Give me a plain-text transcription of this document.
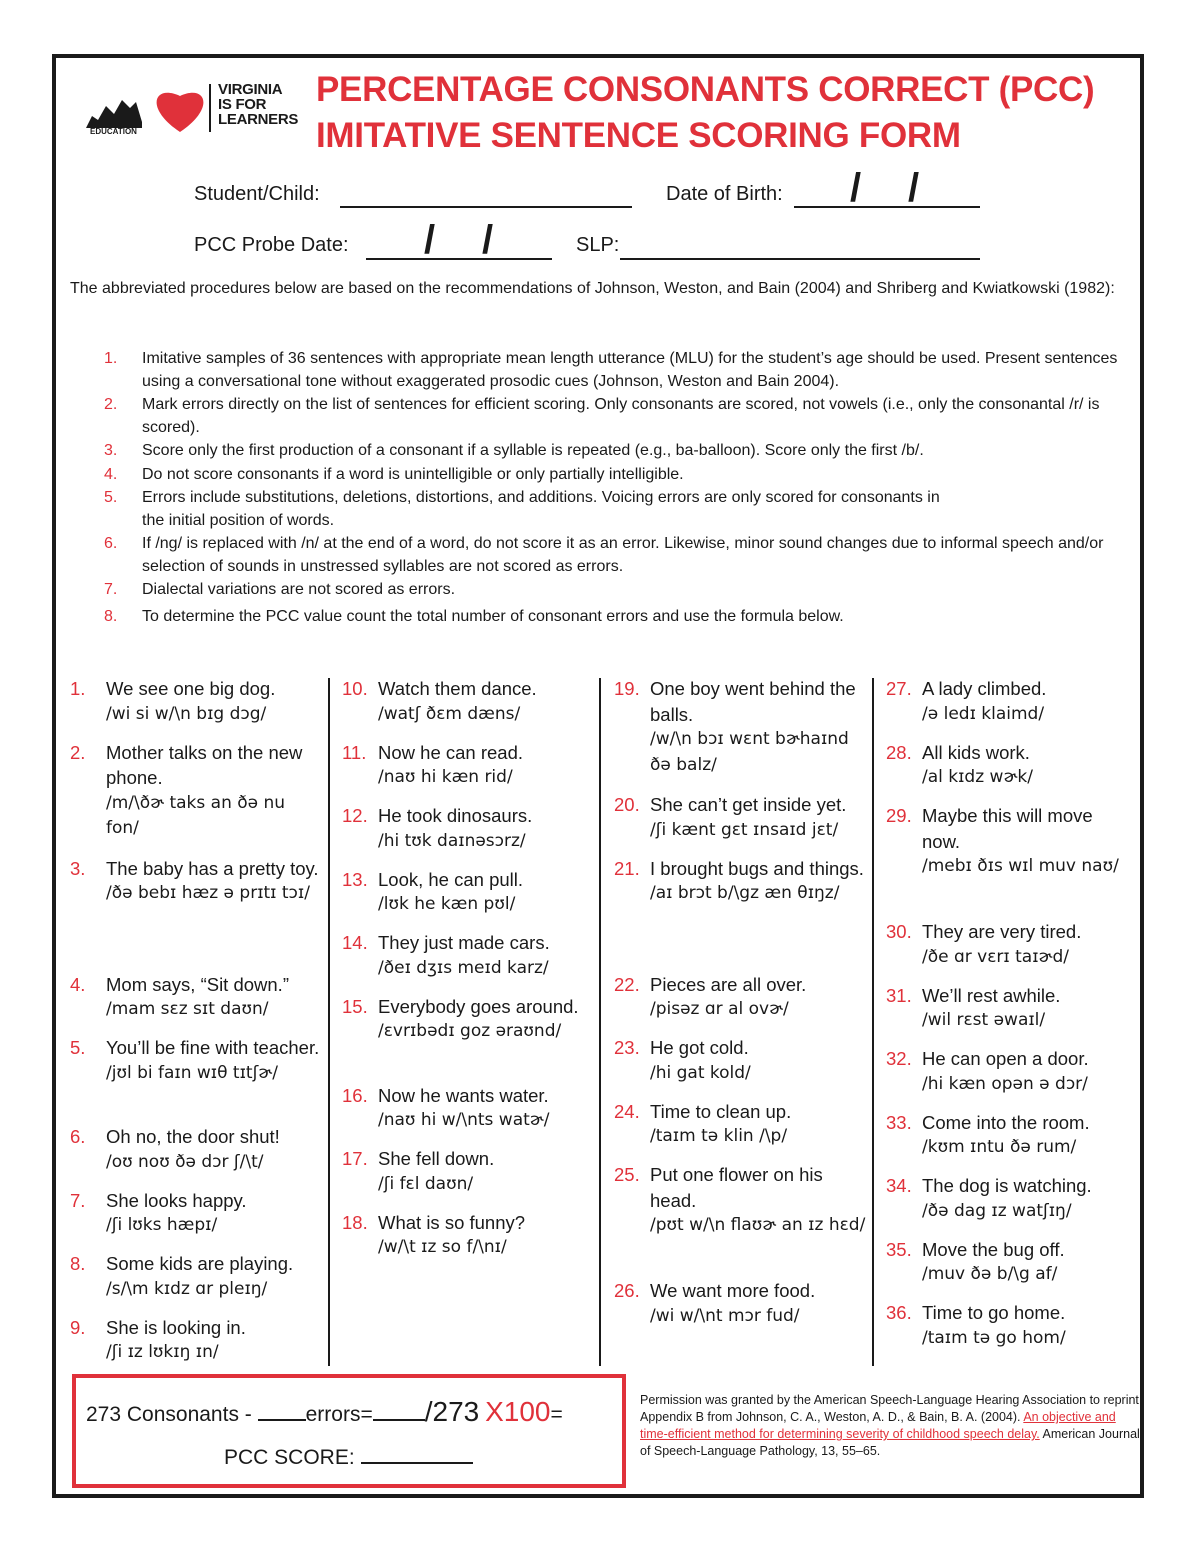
EDUCATION
VIRGINIA IS FOR LEARNERS
PERCENTAGE CONSONANTS CORRECT (PCC)
IMITATIVE SENTENCE SCORING FORM
Student/Child:	Date of Birth: / /
PCC Probe Date: / /	SLP:
The abbreviated procedures below are based on the recommendations of Johnson, Weston, and Bain (2004) and Shriberg and Kwiatkowski (1982):
1. Imitative samples of 36 sentences with appropriate mean length utterance (MLU) for the student’s age should be used. Present sentences using a conversational tone without exaggerated prosodic cues (Johnson, Weston and Bain 2004).
2. Mark errors directly on the list of sentences for efficient scoring. Only consonants are scored, not vowels (i.e., only the consonantal /r/ is scored).
3. Score only the first production of a consonant if a syllable is repeated (e.g., ba-balloon). Score only the first /b/.
4. Do not score consonants if a word is unintelligible or only partially intelligible.
5. Errors include substitutions, deletions, distortions, and additions. Voicing errors are only scored for consonants in the initial position of words.
6. If /ng/ is replaced with /n/ at the end of a word, do not score it as an error. Likewise, minor sound changes due to informal speech and/or selection of sounds in unstressed syllables are not scored as errors.
7. Dialectal variations are not scored as errors.
8. To determine the PCC value count the total number of consonant errors and use the formula below.
1. We see one big dog.
/wi si w/\n bɪg dɔg/
2. Mother talks on the new phone.
/m/\ðɚ taks an ðə nu fon/
3. The baby has a pretty toy.
/ðə bebɪ hæz ə prɪtɪ tɔɪ/
4. Mom says, “Sit down.”
/mam sɛz sɪt daʊn/
5. You’ll be fine with teacher.
/jʊl bi faɪn wɪθ tɪtʃɚ/
6. Oh no, the door shut!
/oʊ noʊ ðə dɔr ʃ/\t/
7. She looks happy.
/ʃi lʊks hæpɪ/
8. Some kids are playing.
/s/\m kɪdz ɑr pleɪŋ/
9. She is looking in.
/ʃi ɪz lʊkɪŋ ɪn/
10. Watch them dance.
/watʃ ðɛm dæns/
11. Now he can read.
/naʊ hi kæn rid/
12. He took dinosaurs.
/hi tʊk daɪnəsɔrz/
13. Look, he can pull.
/lʊk he kæn pʊl/
14. They just made cars.
/ðeɪ dʒɪs meɪd karz/
15. Everybody goes around.
/ɛvrɪbədɪ goz əraʊnd/
16. Now he wants water.
/naʊ hi w/\nts watɚ/
17. She fell down.
/ʃi fɛl daʊn/
18. What is so funny?
/w/\t ɪz so f/\nɪ/
19. One boy went behind the balls.
/w/\n bɔɪ wɛnt bɚhaɪnd ðə balz/
20. She can’t get inside yet.
/ʃi kænt gɛt ɪnsaɪd jɛt/
21. I brought bugs and things.
/aɪ brɔt b/\gz æn θɪŋz/
22. Pieces are all over.
/pisəz ɑr al ovɚ/
23. He got cold.
/hi gat kold/
24. Time to clean up.
/taɪm tə klin /\p/
25. Put one flower on his head.
/pʊt w/\n flaʊɚ an ɪz hɛd/
26. We want more food.
/wi w/\nt mɔr fud/
27. A lady climbed.
/ə ledɪ klaimd/
28. All kids work.
/al kɪdz wɚk/
29. Maybe this will move now.
/mebɪ ðɪs wɪl muv naʊ/
30. They are very tired.
/ðe ɑr vɛrɪ taɪɚd/
31. We’ll rest awhile.
/wil rɛst əwaɪl/
32. He can open a door.
/hi kæn opən ə dɔr/
33. Come into the room.
/kʊm ɪntu ðə rum/
34. The dog is watching.
/ðə dag ɪz watʃɪŋ/
35. Move the bug off.
/muv ðə b/\g af/
36. Time to go home.
/taɪm tə go hom/
273 Consonants -	errors= /273 X100=
PCC SCORE:
Permission was granted by the American Speech-Language Hearing Association to reprint Appendix B from Johnson, C. A., Weston, A. D., & Bain, B. A. (2004). An objective and time-efficient method for determining severity of childhood speech delay. American Journal of Speech-Language Pathology, 13, 55–65.
